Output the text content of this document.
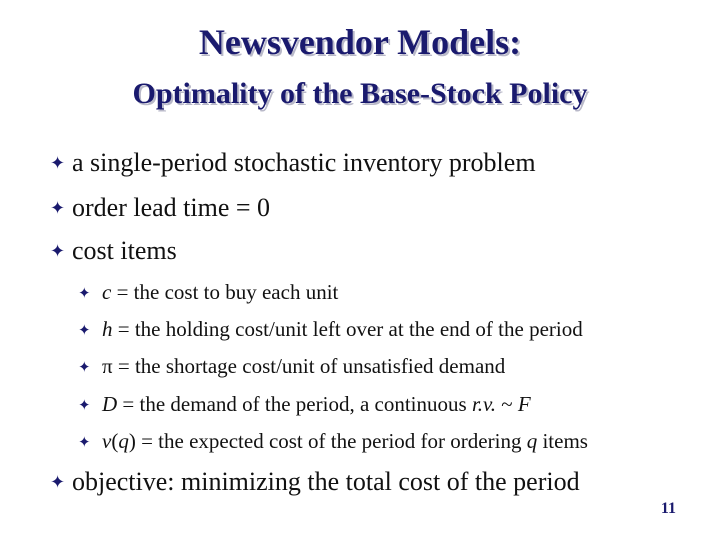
Newsvendor Models:
Optimality of the Base-Stock Policy
✦ a single-period stochastic inventory problem
✦ order lead time = 0
✦ cost items
✦ c = the cost to buy each unit
✦ h = the holding cost/unit left over at the end of the period
✦ π = the shortage cost/unit of unsatisfied demand
✦ D = the demand of the period, a continuous r.v. ~ F
✦ v(q) = the expected cost of the period for ordering q items
✦ objective: minimizing the total cost of the period
11
